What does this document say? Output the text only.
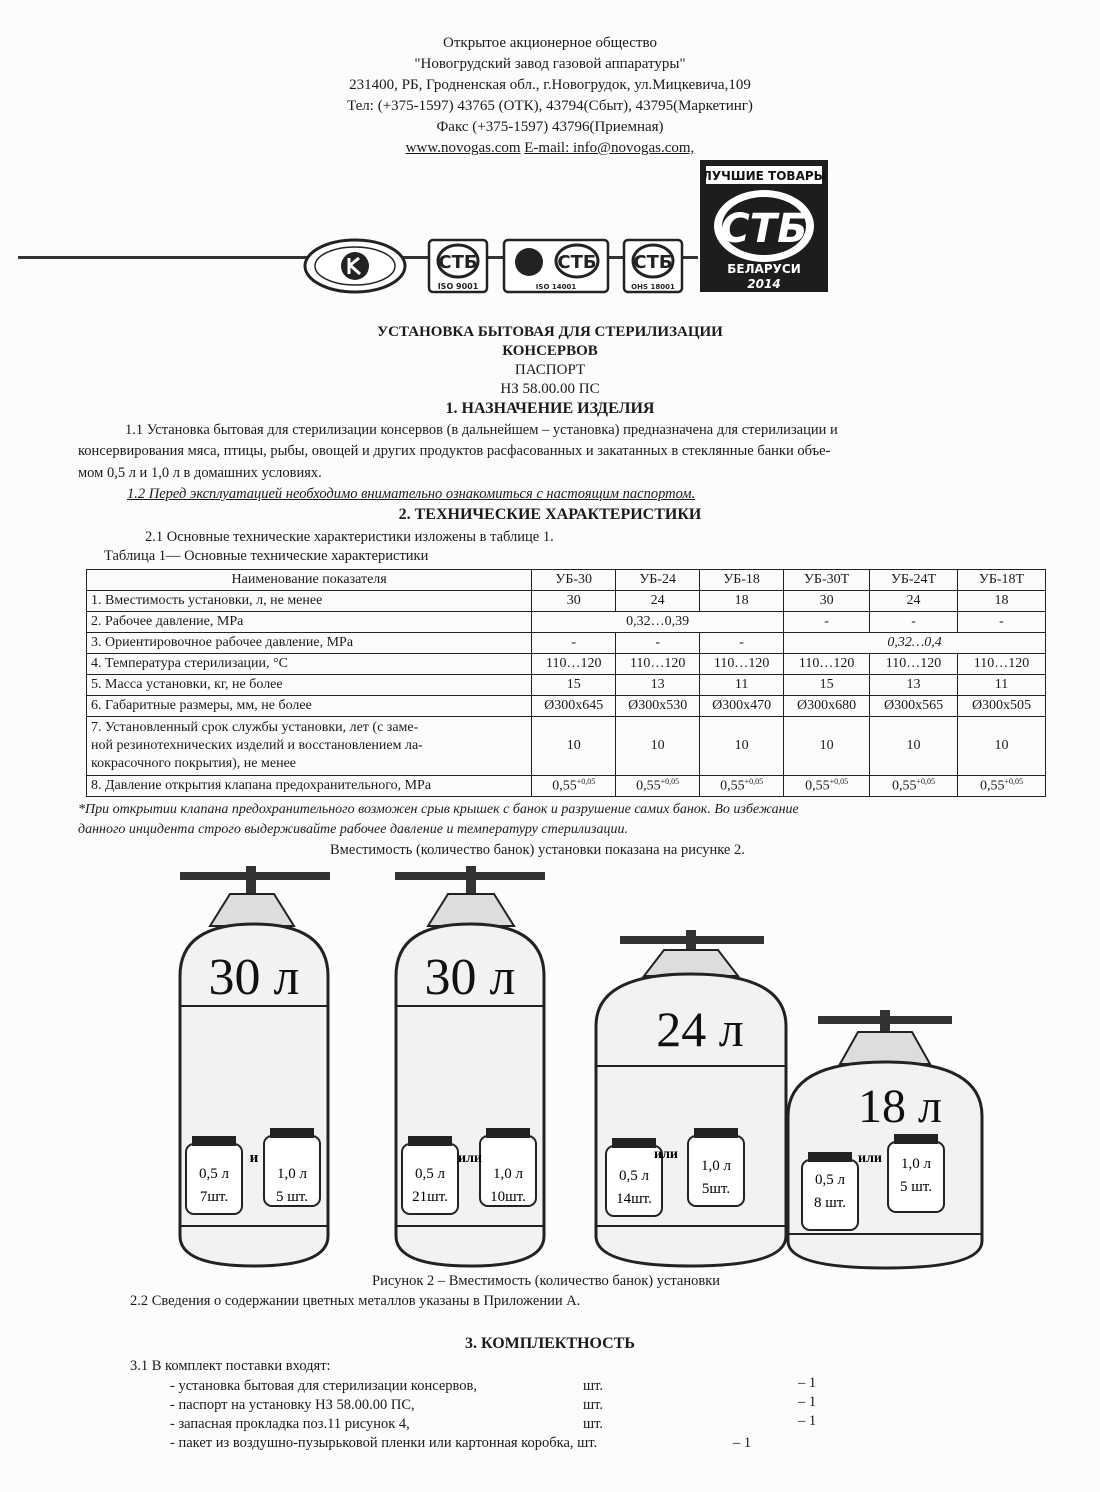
Открытое акционерное общество
"Новогрудский завод газовой аппаратуры"
231400, РБ, Гродненская обл., г.Новогрудок, ул.Мицкевича,109
Тел: (+375-1597) 43765 (ОТК), 43794(Сбыт), 43795(Маркетинг)
Факс (+375-1597) 43796(Приемная)
www.novogas.com E-mail: info@novogas.com,
СТБ
ISO 9001
СТБ
ISO 14001
СТБ
OHS 18001
ЛУЧШИЕ ТОВАРЫ
СТБ
БЕЛАРУСИ
2014
УСТАНОВКА БЫТОВАЯ ДЛЯ СТЕРИЛИЗАЦИИ
КОНСЕРВОВ
ПАСПОРТ
НЗ 58.00.00 ПС
1. НАЗНАЧЕНИЕ ИЗДЕЛИЯ
1.1 Установка бытовая для стерилизации консервов (в дальнейшем – установка) предназначена для стерилизации и
консервирования мяса, птицы, рыбы, овощей и других продуктов расфасованных и закатанных в стеклянные банки объе-
мом 0,5 л и 1,0 л в домашних условиях.
1.2 Перед эксплуатацией необходимо внимательно ознакомиться с настоящим паспортом.
2. ТЕХНИЧЕСКИЕ ХАРАКТЕРИСТИКИ
2.1 Основные технические характеристики изложены в таблице 1.
Таблица 1— Основные технические характеристики
Наименование показателя	УБ-30	УБ-24	УБ-18	УБ-30Т	УБ-24Т	УБ-18Т
1. Вместимость установки, л, не менее	30	24	18	30	24	18
2. Рабочее давление, MPa	0,32…0,39			-	-	-
3. Ориентировочное рабочее давление, MPa	-	-	-	0,32…0,4		
4. Температура стерилизации, °C	110…120	110…120	110…120	110…120	110…120	110…120
5. Масса установки, кг, не более	15	13	11	15	13	11
6. Габаритные размеры, мм, не более	Ø300x645	Ø300x530	Ø300x470	Ø300x680	Ø300x565	Ø300x505

7. Установленный срок службы установки, лет (с заме-
ной резинотехнических изделий и восстановлением ла-
кокрасочного покрытия), не менее	10	10	10	10	10	10
8. Давление открытия клапана предохранительного, MPa	$0,55^{+0,05}$	$0,55^{+0,05}$	$0,55^{+0,05}$	$0,55^{+0,05}$	$0,55^{+0,05}$	$0,55^{+0,05}$
*При открытии клапана предохранительного возможен срыв крышек с банок и разрушение самих банок. Во избежание
данного инцидента строго выдерживайте рабочее давление и температуру стерилизации.
Вместимость (количество банок) установки показана на рисунке 2.
30 л
и
0,5 л
7шт.
1,0 л
5 шт.
30 л
или
0,5 л
21шт.
1,0 л
10шт.
24 л
или
0,5 л
14шт.
1,0 л
5шт.
18 л
или
0,5 л
8 шт.
1,0 л
5 шт.
Рисунок 2 – Вместимость (количество банок) установки
2.2 Сведения о содержании цветных металлов указаны в Приложении А.
3. КОМПЛЕКТНОСТЬ
3.1 В комплект поставки входят:
- установка бытовая для стерилизации консервов,	шт.	– 1
- паспорт на установку НЗ 58.00.00 ПС,	шт.	– 1
- запасная прокладка поз.11 рисунок 4,	шт.	– 1
- пакет из воздушно-пузырьковой пленки или картонная коробка, шт.	– 1
